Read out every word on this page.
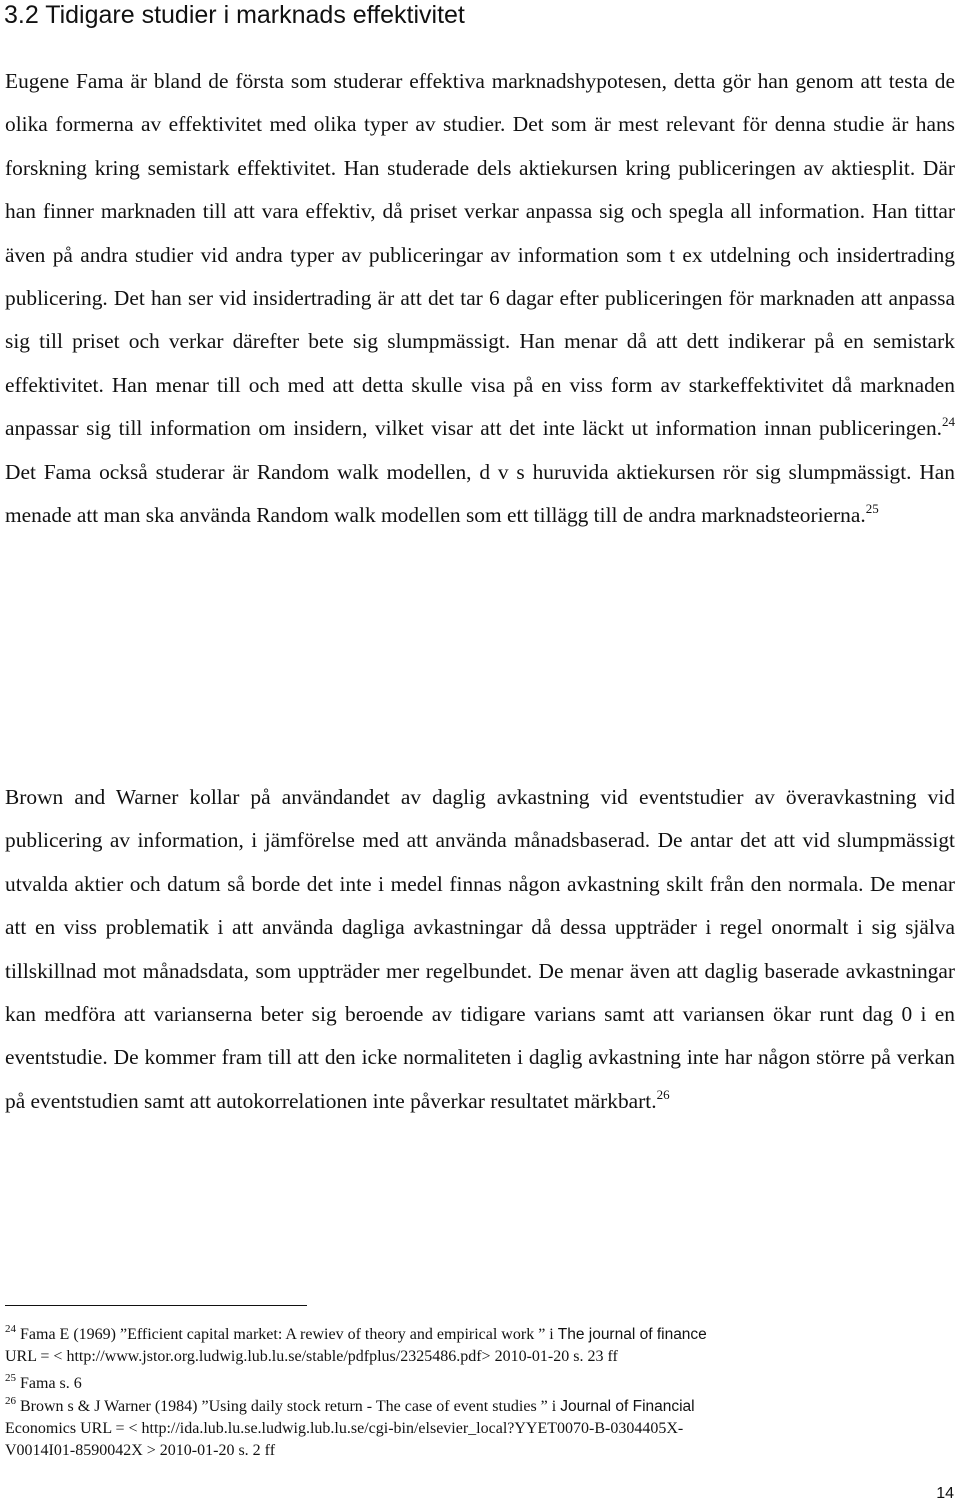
3.2 Tidigare studier i marknads effektivitet

Eugene Fama är bland de första som studerar effektiva marknadshypotesen, detta gör han genom att testa de olika formerna av effektivitet med olika typer av studier. Det som är mest relevant för denna studie är hans forskning kring semistark effektivitet. Han studerade dels aktiekursen kring publiceringen av aktiesplit. Där han finner marknaden till att vara effektiv, då priset verkar anpassa sig och spegla all information. Han tittar även på andra studier vid andra typer av publiceringar av information som t ex utdelning och insidertrading publicering. Det han ser vid insidertrading är att det tar 6 dagar efter publiceringen för marknaden att anpassa sig till priset och verkar därefter bete sig slumpmässigt. Han menar då att dett indikerar på en semistark effektivitet. Han menar till och med att detta skulle visa på en viss form av starkeffektivitet då marknaden anpassar sig till information om insidern, vilket visar att det inte läckt ut information innan publiceringen.$^{24}$ Det Fama också studerar är Random walk modellen, d v s huruvida aktiekursen rör sig slumpmässigt. Han menade att man ska använda Random walk modellen som ett tillägg till de andra marknadsteorierna.$^{25}$

Brown and Warner kollar på användandet av daglig avkastning vid eventstudier av överavkastning vid publicering av information, i jämförelse med att använda månadsbaserad. De antar det att vid slumpmässigt utvalda aktier och datum så borde det inte i medel finnas någon avkastning skilt från den normala. De menar att en viss problematik i att använda dagliga avkastningar då dessa uppträder i regel onormalt i sig själva tillskillnad mot månadsdata, som uppträder mer regelbundet. De menar även att daglig baserade avkastningar kan medföra att varianserna beter sig beroende av tidigare varians samt att variansen ökar runt dag 0 i en eventstudie. De kommer fram till att den icke normaliteten i daglig avkastning inte har någon större på verkan på eventstudien samt att autokorrelationen inte påverkar resultatet märkbart.$^{26}$

$^{24}$ Fama E (1969) ”Efficient capital market: A rewiev of theory and empirical work ” i The journal of finance
URL = < http://www.jstor.org.ludwig.lub.lu.se/stable/pdfplus/2325486.pdf> 2010-01-20 s. 23 ff
$^{25}$ Fama s. 6
$^{26}$ Brown s & J Warner (1984) ”Using daily stock return - The case of event studies ” i Journal of Financial
Economics URL = < http://ida.lub.lu.se.ludwig.lub.lu.se/cgi-bin/elsevier_local?YYET0070-B-0304405X-
V0014I01-8590042X > 2010-01-20 s. 2 ff

14
